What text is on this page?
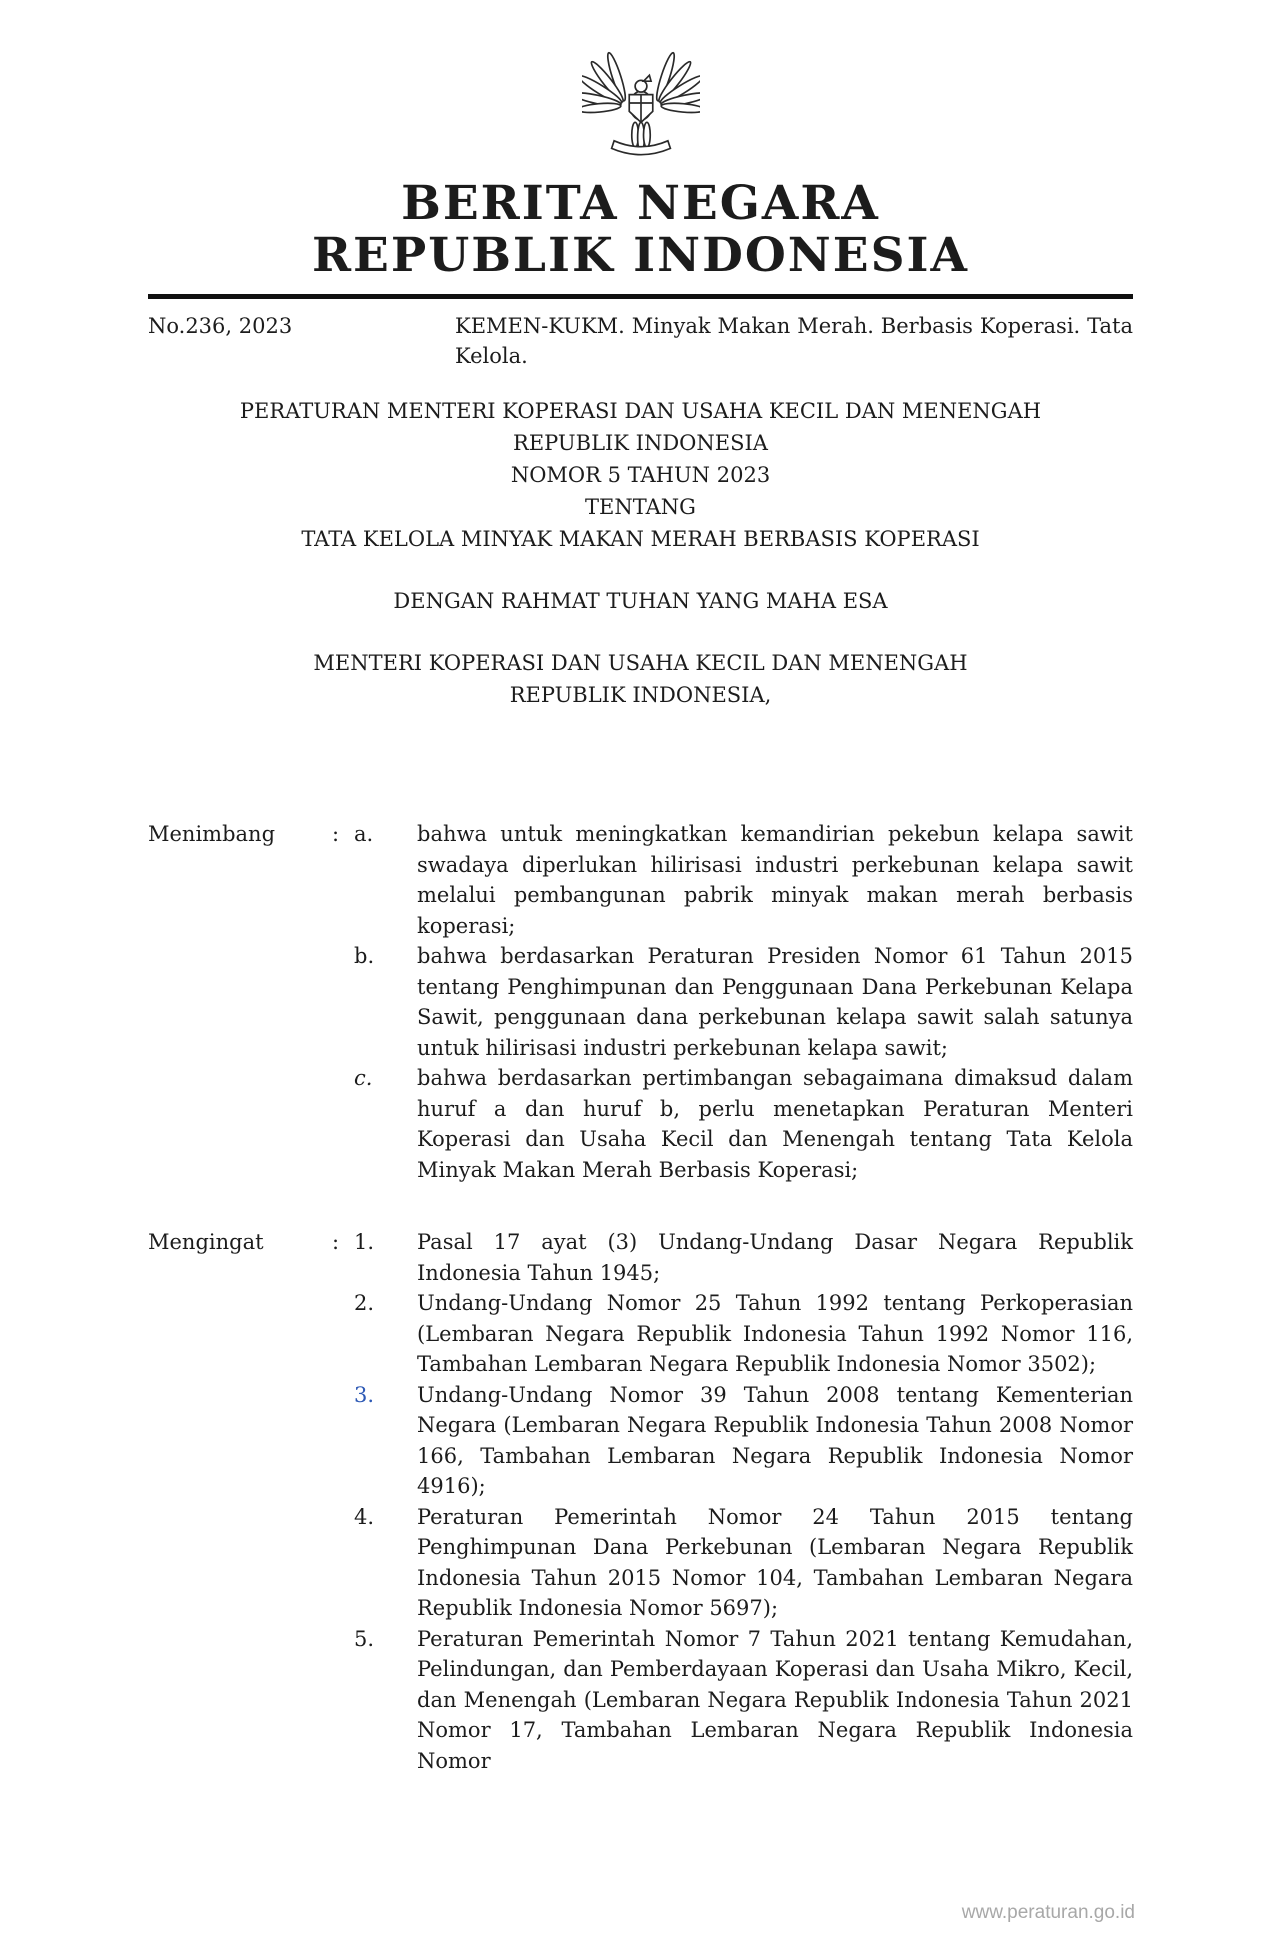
BERITA NEGARA
REPUBLIK INDONESIA
No.236, 2023	KEMEN-KUKM. Minyak Makan Merah. Berbasis Koperasi. Tata Kelola.
PERATURAN MENTERI KOPERASI DAN USAHA KECIL DAN MENENGAH
REPUBLIK INDONESIA
NOMOR 5 TAHUN 2023
TENTANG
TATA KELOLA MINYAK MAKAN MERAH BERBASIS KOPERASI
DENGAN RAHMAT TUHAN YANG MAHA ESA
MENTERI KOPERASI DAN USAHA KECIL DAN MENENGAH
REPUBLIK INDONESIA,
Menimbang	: a.	bahwa untuk meningkatkan kemandirian pekebun kelapa sawit swadaya diperlukan hilirisasi industri perkebunan kelapa sawit melalui pembangunan pabrik minyak makan merah berbasis koperasi;
b.	bahwa berdasarkan Peraturan Presiden Nomor 61 Tahun 2015 tentang Penghimpunan dan Penggunaan Dana Perkebunan Kelapa Sawit, penggunaan dana perkebunan kelapa sawit salah satunya untuk hilirisasi industri perkebunan kelapa sawit;
c.	bahwa berdasarkan pertimbangan sebagaimana dimaksud dalam huruf a dan huruf b, perlu menetapkan Peraturan Menteri Koperasi dan Usaha Kecil dan Menengah tentang Tata Kelola Minyak Makan Merah Berbasis Koperasi;
Mengingat	: 1.	Pasal 17 ayat (3) Undang-Undang Dasar Negara Republik Indonesia Tahun 1945;
2.	Undang-Undang Nomor 25 Tahun 1992 tentang Perkoperasian (Lembaran Negara Republik Indonesia Tahun 1992 Nomor 116, Tambahan Lembaran Negara Republik Indonesia Nomor 3502);
3.	Undang-Undang Nomor 39 Tahun 2008 tentang Kementerian Negara (Lembaran Negara Republik Indonesia Tahun 2008 Nomor 166, Tambahan Lembaran Negara Republik Indonesia Nomor 4916);
4.	Peraturan Pemerintah Nomor 24 Tahun 2015 tentang Penghimpunan Dana Perkebunan (Lembaran Negara Republik Indonesia Tahun 2015 Nomor 104, Tambahan Lembaran Negara Republik Indonesia Nomor 5697);
5.	Peraturan Pemerintah Nomor 7 Tahun 2021 tentang Kemudahan, Pelindungan, dan Pemberdayaan Koperasi dan Usaha Mikro, Kecil, dan Menengah (Lembaran Negara Republik Indonesia Tahun 2021 Nomor 17, Tambahan Lembaran Negara Republik Indonesia Nomor
www.peraturan.go.id
